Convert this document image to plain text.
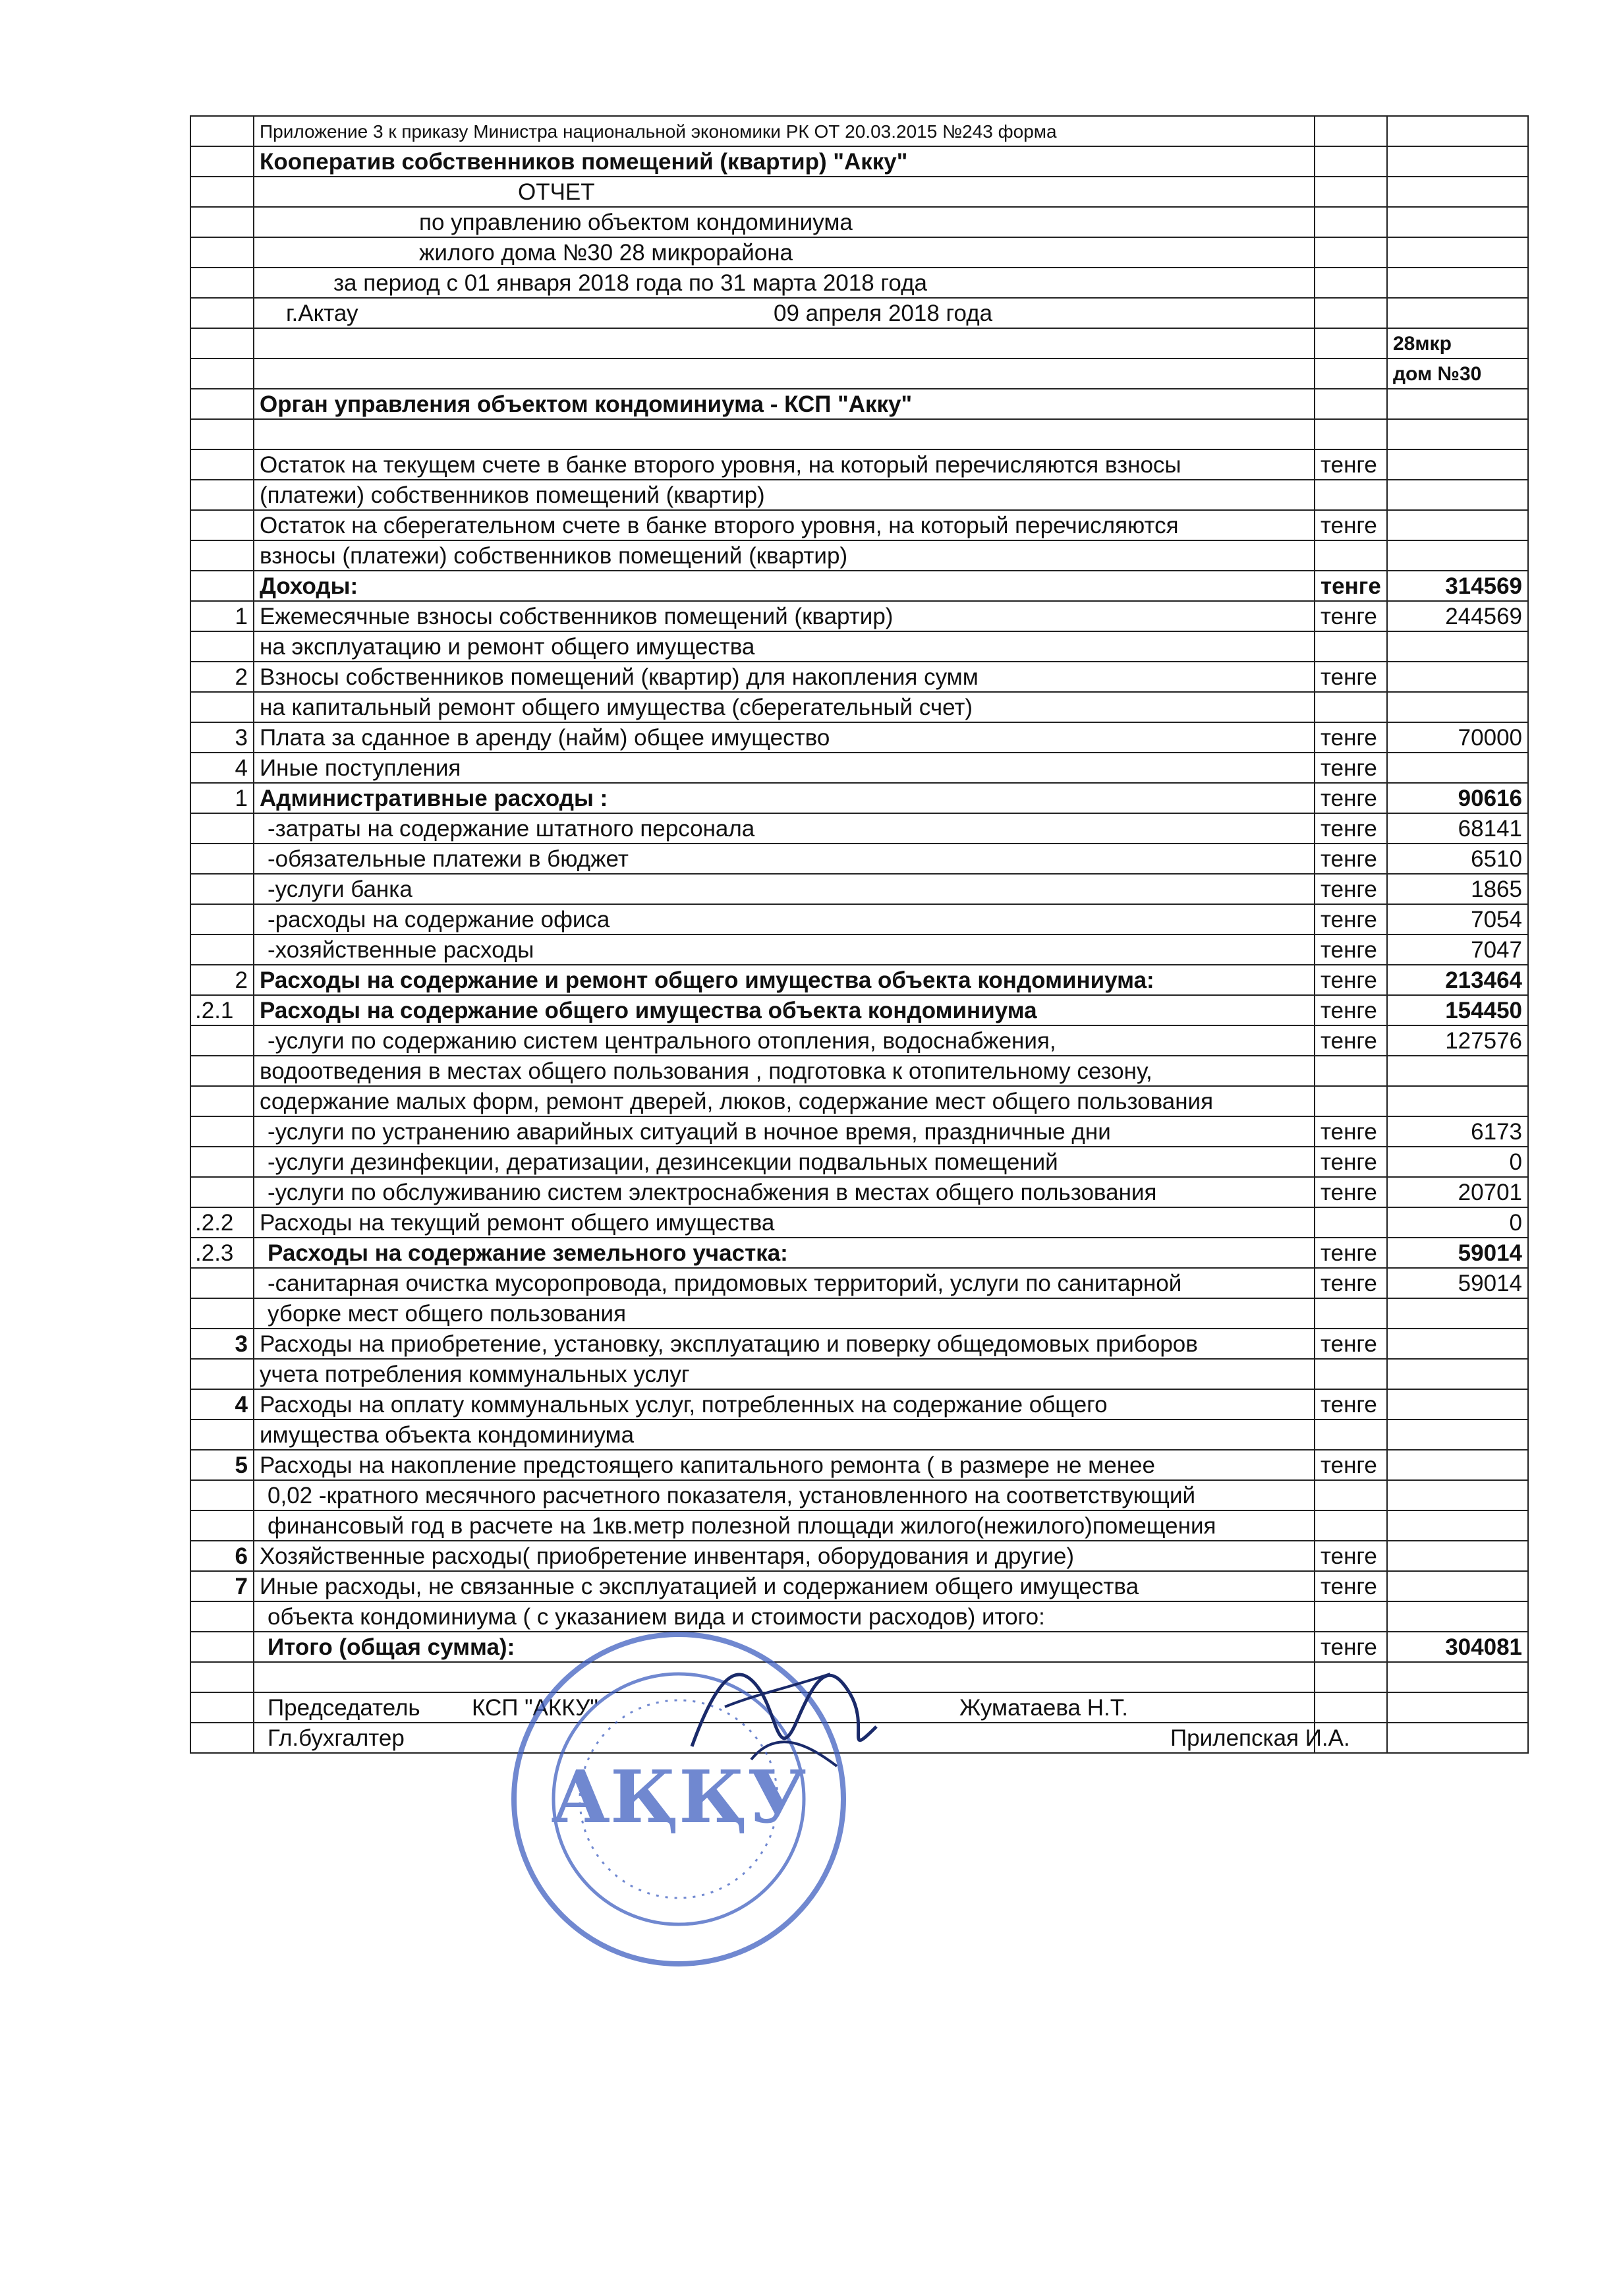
	Приложение 3 к приказу Министра национальной экономики РК ОТ 20.03.2015 №243 форма		
	Кооператив собственников помещений (квартир) "Акку"		
	ОТЧЕТ		
	по управлению объектом кондоминиума		
	жилого дома №30 28 микрорайона		
	за период с 01 января 2018 года по 31 марта 2018 года		
	г.Актау 09 апреля 2018 года		
			28мкр
			дом №30
	Орган управления объектом кондоминиума - КСП "Акку"		

	Остаток на текущем счете в банке второго уровня, на который перечисляются взносы	тенге	
	(платежи) собственников помещений (квартир)		
	Остаток на сберегательном счете в банке второго уровня, на который перечисляются	тенге	
	взносы (платежи) собственников помещений (квартир)		
	Доходы:	тенге	314569
1	Ежемесячные взносы собственников помещений (квартир)	тенге	244569
	на эксплуатацию и ремонт общего имущества		
2	Взносы собственников помещений (квартир) для накопления сумм	тенге	
	на капитальный ремонт общего имущества (сберегательный счет)		
3	Плата за сданное в аренду (найм) общее имущество	тенге	70000
4	Иные поступления	тенге	
1	Административные расходы :	тенге	90616
	-затраты на содержание штатного персонала	тенге	68141
	-обязательные платежи в бюджет	тенге	6510
	-услуги банка	тенге	1865
	-расходы на содержание офиса	тенге	7054
	-хозяйственные расходы	тенге	7047
2	Расходы на содержание и ремонт общего имущества объекта кондоминиума:	тенге	213464
.2.1	Расходы на содержание общего имущества объекта кондоминиума	тенге	154450
	-услуги по содержанию систем центрального отопления, водоснабжения,	тенге	127576
	водоотведения в местах общего пользования , подготовка к отопительному сезону,		
	содержание малых форм, ремонт дверей, люков, содержание мест общего пользования		
	-услуги по устранению аварийных ситуаций в ночное время, праздничные дни	тенге	6173
	-услуги дезинфекции, дератизации, дезинсекции подвальных помещений	тенге	0
	-услуги по обслуживанию систем электроснабжения в местах общего пользования	тенге	20701
.2.2	Расходы на текущий ремонт общего имущества		0
.2.3	Расходы на содержание земельного участка:	тенге	59014
	-санитарная очистка мусоропровода, придомовых территорий, услуги по санитарной	тенге	59014
	уборке мест общего пользования		
3	Расходы на приобретение, установку, эксплуатацию и поверку общедомовых приборов	тенге	
	учета потребления коммунальных услуг		
4	Расходы на оплату коммунальных услуг, потребленных на содержание общего	тенге	
	имущества объекта кондоминиума		
5	Расходы на накопление предстоящего капитального ремонта ( в размере не менее	тенге	
	0,02 -кратного месячного расчетного показателя, установленного на соответствующий		
	финансовый год в расчете на 1кв.метр полезной площади жилого(нежилого)помещения		
6	Хозяйственные расходы( приобретение инвентаря, оборудования и другие)	тенге	
7	Иные расходы, не связанные с эксплуатацией и содержанием общего имущества	тенге	
	объекта кондоминиума ( с указанием вида и стоимости расходов) итого:		
	Итого (общая сумма):	тенге	304081

	Председатель КСП "АККУ" Жуматаева Н.Т.		
	Гл.бухгалтер Прилепская И.А.		
АҚҚУ
